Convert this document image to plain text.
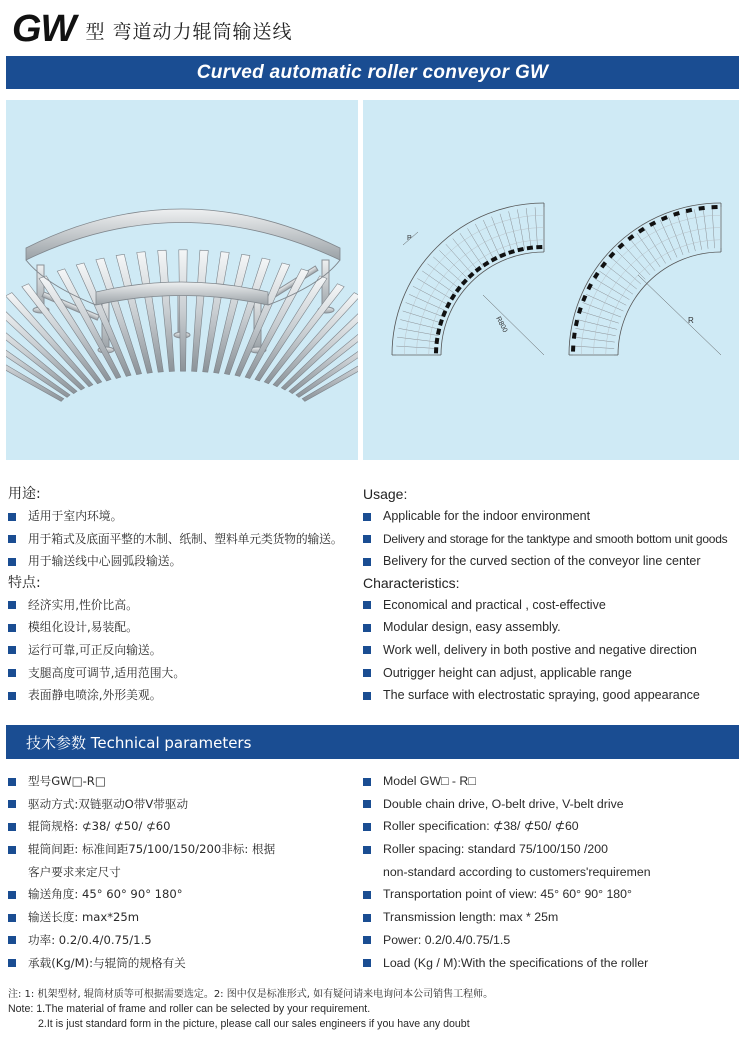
GW 型 弯道动力辊筒输送线
Curved automatic roller conveyor GW
R800	R
P
用途:
适用于室内环境。
用于箱式及底面平整的木制、纸制、塑料单元类货物的输送。
用于输送线中心圆弧段输送。
特点:
经济实用,性价比高。
模组化设计,易装配。
运行可靠,可正反向输送。
支腿高度可调节,适用范围大。
表面静电喷涂,外形美观。
Usage:
Applicable for the indoor environment
Delivery and storage for the tanktype and smooth bottom unit goods
Belivery for the curved section of the conveyor line center
Characteristics:
Economical and practical , cost-effective
Modular design, easy assembly.
Work well, delivery in both postive and negative direction
Outrigger height can adjust, applicable range
The surface with electrostatic spraying, good appearance
技术参数 Technical parameters
型号GW□-R□
驱动方式:双链驱动O带V带驱动
辊筒规格: ⊄38/ ⊄50/ ⊄60
辊筒间距: 标准间距75/100/150/200非标: 根据
客户要求来定尺寸
输送角度: 45° 60° 90° 180°
输送长度: max*25m
功率: 0.2/0.4/0.75/1.5
承载(Kg/M):与辊筒的规格有关
Model GW□ - R□
Double chain drive, O-belt drive, V-belt drive
Roller specification: ⊄38/ ⊄50/ ⊄60
Roller spacing: standard 75/100/150 /200
non-standard according to customers'requiremen
Transportation point of view: 45° 60° 90° 180°
Transmission length: max * 25m
Power: 0.2/0.4/0.75/1.5
Load (Kg / M):With the specifications of the roller
注: 1: 机架型材, 辊筒材质等可根据需要选定。2: 图中仅是标准形式, 如有疑问请来电询问本公司销售工程师。
Note: 1.The material of frame and roller can be selected by your requirement.
2.It is just standard form in the picture, please call our sales engineers if you have any doubt
